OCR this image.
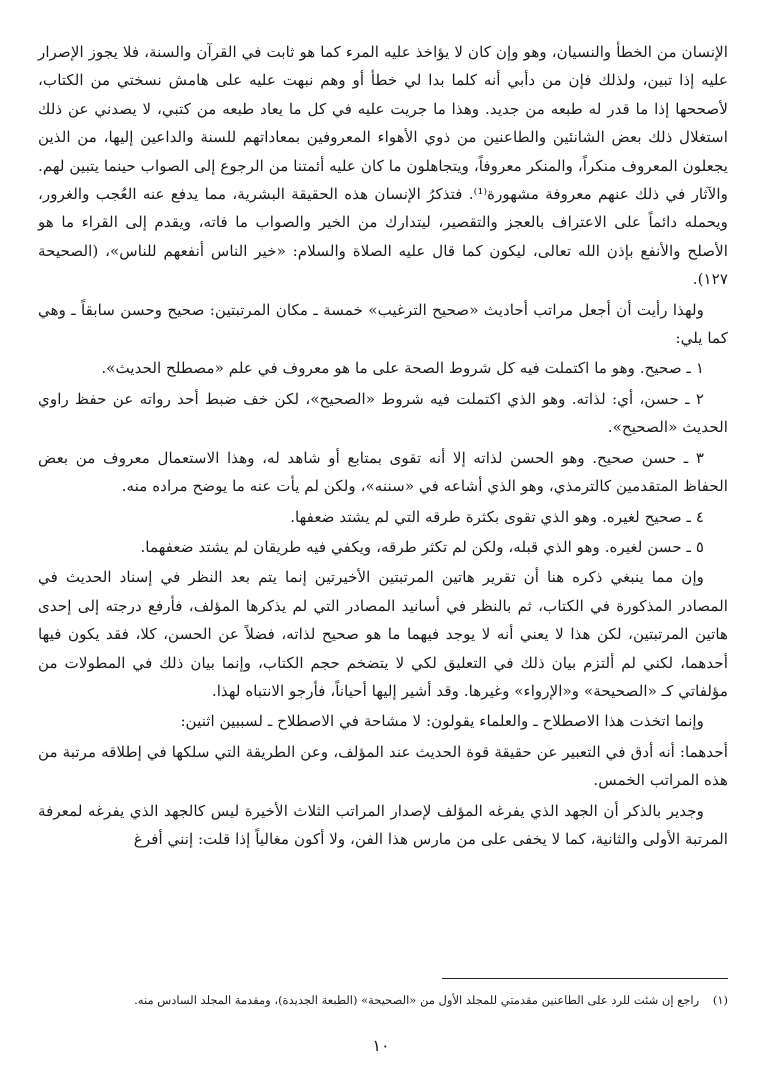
الإنسان من الخطأ والنسيان، وهو وإن كان لا يؤاخذ عليه المرء كما هو ثابت في القرآن والسنة، فلا يجوز الإصرار عليه إذا تبين، ولذلك فإن من دأبي أنه كلما بدا لي خطأ أو وهم نبهت عليه على هامش نسختي من الكتاب، لأصححها إذا ما قدر له طبعه من جديد. وهذا ما جريت عليه في كل ما يعاد طبعه من كتبي، لا يصدني عن ذلك استغلال ذلك بعض الشانئين والطاعنين من ذوي الأهواء المعروفين بمعاداتهم للسنة والداعين إليها، من الذين يجعلون المعروف منكراً، والمنكر معروفاً، ويتجاهلون ما كان عليه أئمتنا من الرجوع إلى الصواب حينما يتبين لهم. والآثار في ذلك عنهم معروفة مشهورة⁽¹⁾. فتذكرُ الإنسان هذه الحقيقة البشرية، مما يدفع عنه العُجب والغرور، ويحمله دائماً على الاعتراف بالعجز والتقصير، ليتدارك من الخير والصواب ما فاته، ويقدم إلى القراء ما هو الأصلح والأنفع بإذن الله تعالى، ليكون كما قال عليه الصلاة والسلام: «خير الناس أنفعهم للناس»، (الصحيحة ١٢٧).

ولهذا رأيت أن أجعل مراتب أحاديث «صحيح الترغيب» خمسة ـ مكان المرتبتين: صحيح وحسن سابقاً ـ وهي كما يلي:

١ ـ صحيح. وهو ما اكتملت فيه كل شروط الصحة على ما هو معروف في علم «مصطلح الحديث».

٢ ـ حسن، أي: لذاته. وهو الذي اكتملت فيه شروط «الصحيح»، لكن خف ضبط أحد رواته عن حفظ راوي الحديث «الصحيح».

٣ ـ حسن صحيح. وهو الحسن لذاته إلا أنه تقوى بمتابع أو شاهد له، وهذا الاستعمال معروف من بعض الحفاظ المتقدمين كالترمذي، وهو الذي أشاعه في «سننه»، ولكن لم يأت عنه ما يوضح مراده منه.

٤ ـ صحيح لغيره. وهو الذي تقوى بكثرة طرقه التي لم يشتد ضعفها.

٥ ـ حسن لغيره. وهو الذي قبله، ولكن لم تكثر طرقه، ويكفي فيه طريقان لم يشتد ضعفهما.

وإن مما ينبغي ذكره هنا أن تقرير هاتين المرتبتين الأخيرتين إنما يتم بعد النظر في إسناد الحديث في المصادر المذكورة في الكتاب، ثم بالنظر في أسانيد المصادر التي لم يذكرها المؤلف، فأرفع درجته إلى إحدى هاتين المرتبتين، لكن هذا لا يعني أنه لا يوجد فيهما ما هو صحيح لذاته، فضلاً عن الحسن، كلا، فقد يكون فيها أحدهما، لكني لم ألتزم بيان ذلك في التعليق لكي لا يتضخم حجم الكتاب، وإنما بيان ذلك في المطولات من مؤلفاتي كـ «الصحيحة» و«الإرواء» وغيرها. وقد أشير إليها أحياناً، فأرجو الانتباه لهذا.

وإنما اتخذت هذا الاصطلاح ـ والعلماء يقولون: لا مشاحة في الاصطلاح ـ لسببين اثنين:

أحدهما: أنه أدق في التعبير عن حقيقة قوة الحديث عند المؤلف، وعن الطريقة التي سلكها في إطلاقه مرتبة من هذه المراتب الخمس.

وجدير بالذكر أن الجهد الذي يفرغه المؤلف لإصدار المراتب الثلاث الأخيرة ليس كالجهد الذي يفرغه لمعرفة المرتبة الأولى والثانية، كما لا يخفى على من مارس هذا الفن، ولا أكون مغالياً إذا قلت: إنني أفرغ

(١) راجع إن شئت للرد على الطاعنين مقدمتي للمجلد الأول من «الصحيحة» (الطبعة الجديدة)، ومقدمة المجلد السادس منه.
١٠
